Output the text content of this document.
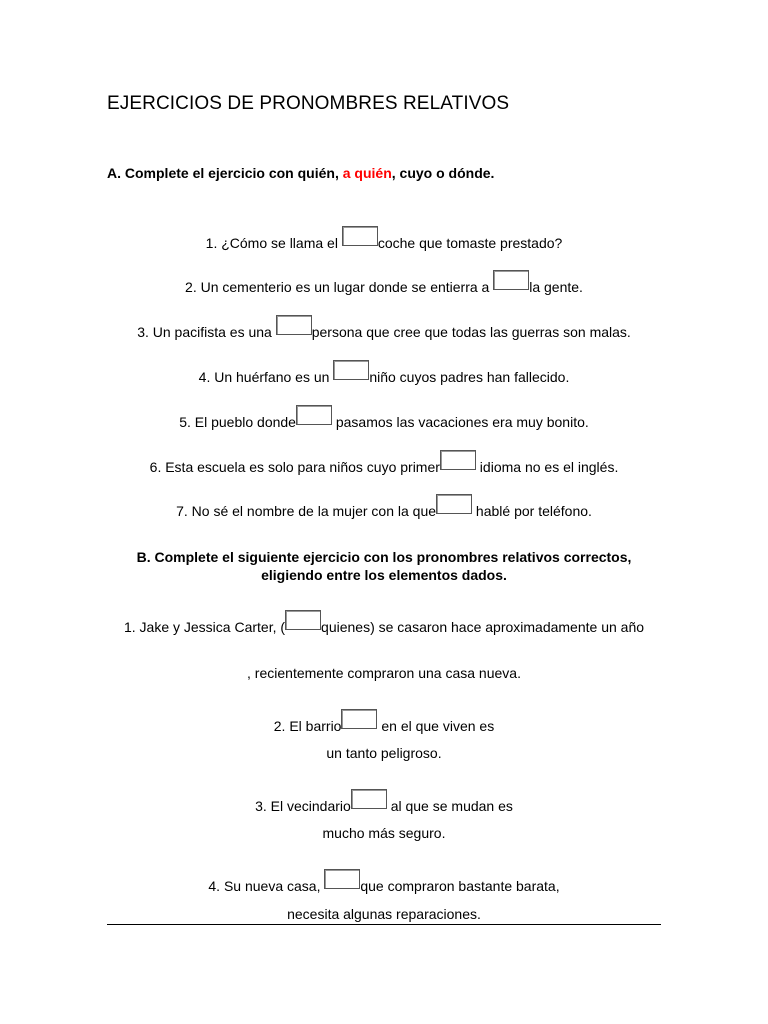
EJERCICIOS DE PRONOMBRES RELATIVOS
A. Complete el ejercicio con quién, a quién, cuyo o dónde.
1. ¿Cómo se llama el	coche que tomaste prestado?
2. Un cementerio es un lugar donde se entierra a	la gente.
3. Un pacifista es una	persona que cree que todas las guerras son malas.
4. Un huérfano es un	niño cuyos padres han fallecido.
5. El pueblo donde	pasamos las vacaciones era muy bonito.
6. Esta escuela es solo para niños cuyo primer	idioma no es el inglés.
7. No sé el nombre de la mujer con la que	hablé por teléfono.
B. Complete el siguiente ejercicio con los pronombres relativos correctos, eligiendo entre los elementos dados.
1. Jake y Jessica Carter, (	quienes) se casaron hace aproximadamente un año
, recientemente compraron una casa nueva.
2. El barrio	en el que viven es
un tanto peligroso.
3. El vecindario	al que se mudan es
mucho más seguro.
4. Su nueva casa,	que compraron bastante barata,
necesita algunas reparaciones.
